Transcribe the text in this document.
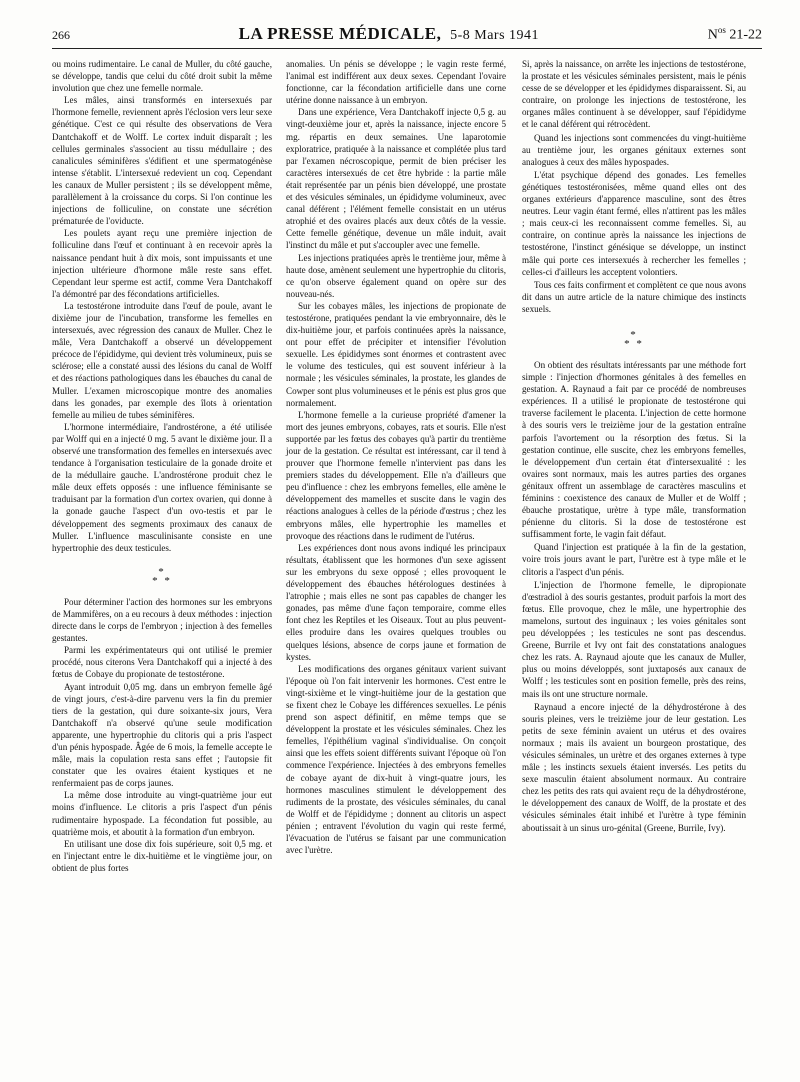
266	LA PRESSE MÉDICALE, 5-8 Mars 1941	$N^{os}$ 21-22

ou moins rudimentaire. Le canal de Muller, du côté gauche, se développe, tandis que celui du côté droit subit la même involution que chez une femelle normale.

Les mâles, ainsi transformés en intersexués par l'hormone femelle, reviennent après l'éclosion vers leur sexe génétique. C'est ce qui résulte des observations de Vera Dantchakoff et de Wolff. Le cortex induit disparaît ; les cellules germinales s'associent au tissu médullaire ; des canalicules séminifères s'édifient et une spermatogénèse intense s'établit. L'intersexué redevient un coq. Cependant les canaux de Muller persistent ; ils se développent même, parallèlement à la croissance du corps. Si l'on continue les injections de folliculine, on constate une sécrétion prématurée de l'oviducte.

Les poulets ayant reçu une première injection de folliculine dans l'œuf et continuant à en recevoir après la naissance pendant huit à dix mois, sont impuissants et une injection ultérieure d'hormone mâle reste sans effet. Cependant leur sperme est actif, comme Vera Dantchakoff l'a démontré par des fécondations artificielles.

La testostérone introduite dans l'œuf de poule, avant le dixième jour de l'incubation, transforme les femelles en intersexués, avec régression des canaux de Muller. Chez le mâle, Vera Dantchakoff a observé un développement précoce de l'épididyme, qui devient très volumineux, puis se sclérose; elle a constaté aussi des lésions du canal de Wolff et des réactions pathologiques dans les ébauches du canal de Muller. L'examen microscopique montre des anomalies dans les gonades, par exemple des îlots à orientation femelle au milieu de tubes séminifères.

L'hormone intermédiaire, l'androstérone, a été utilisée par Wolff qui en a injecté 0 mg. 5 avant le dixième jour. Il a observé une transformation des femelles en intersexués avec tendance à l'organisation testiculaire de la gonade droite et de la médullaire gauche. L'androstérone produit chez le mâle deux effets opposés : une influence féminisante se traduisant par la formation d'un cortex ovarien, qui donne à la gonade gauche l'aspect d'un ovo-testis et par le développement des segments proximaux des canaux de Muller. L'influence masculinisante consiste en une hypertrophie des deux testicules.

*
* *

Pour déterminer l'action des hormones sur les embryons de Mammifères, on a eu recours à deux méthodes : injection directe dans le corps de l'embryon ; injection à des femelles gestantes.

Parmi les expérimentateurs qui ont utilisé le premier procédé, nous citerons Vera Dantchakoff qui a injecté à des fœtus de Cobaye du propionate de testostérone.

Ayant introduit 0,05 mg. dans un embryon femelle âgé de vingt jours, c'est-à-dire parvenu vers la fin du premier tiers de la gestation, qui dure soixante-six jours, Vera Dantchakoff n'a observé qu'une seule modification apparente, une hypertrophie du clitoris qui a pris l'aspect d'un pénis hypospade. Âgée de 6 mois, la femelle accepte le mâle, mais la copulation resta sans effet ; l'autopsie fit constater que les ovaires étaient kystiques et ne renfermaient pas de corps jaunes.

La même dose introduite au vingt-quatrième jour eut moins d'influence. Le clitoris a pris l'aspect d'un pénis rudimentaire hypospade. La fécondation fut possible, au quatrième mois, et aboutit à la formation d'un embryon.

En utilisant une dose dix fois supérieure, soit 0,5 mg. et en l'injectant entre le dix-huitième et le vingtième jour, on obtient de plus fortes

anomalies. Un pénis se développe ; le vagin reste fermé, l'animal est indifférent aux deux sexes. Cependant l'ovaire fonctionne, car la fécondation artificielle dans une corne utérine donne naissance à un embryon.

Dans une expérience, Vera Dantchakoff injecte 0,5 g. au vingt-deuxième jour et, après la naissance, injecte encore 5 mg. répartis en deux semaines. Une laparotomie exploratrice, pratiquée à la naissance et complétée plus tard par l'examen nécroscopique, permit de bien préciser les caractères intersexués de cet être hybride : la partie mâle était représentée par un pénis bien développé, une prostate et des vésicules séminales, un épididyme volumineux, avec canal déférent ; l'élément femelle consistait en un utérus atrophié et des ovaires placés aux deux côtés de la vessie. Cette femelle génétique, devenue un mâle induit, avait l'instinct du mâle et put s'accoupler avec une femelle.

Les injections pratiquées après le trentième jour, même à haute dose, amènent seulement une hypertrophie du clitoris, ce qu'on observe également quand on opère sur des nouveau-nés.

Sur les cobayes mâles, les injections de propionate de testostérone, pratiquées pendant la vie embryonnaire, dès le dix-huitième jour, et parfois continuées après la naissance, ont pour effet de précipiter et intensifier l'évolution sexuelle. Les épididymes sont énormes et contrastent avec le volume des testicules, qui est souvent inférieur à la normale ; les vésicules séminales, la prostate, les glandes de Cowper sont plus volumineuses et le pénis est plus gros que normalement.

L'hormone femelle a la curieuse propriété d'amener la mort des jeunes embryons, cobayes, rats et souris. Elle n'est supportée par les fœtus des cobayes qu'à partir du trentième jour de la gestation. Ce résultat est intéressant, car il tend à prouver que l'hormone femelle n'intervient pas dans les premiers stades du développement. Elle n'a d'ailleurs que peu d'influence : chez les embryons femelles, elle amène le développement des mamelles et suscite dans le vagin des réactions analogues à celles de la période d'œstrus ; chez les embryons mâles, elle hypertrophie les mamelles et provoque des réactions dans le rudiment de l'utérus.

Les expériences dont nous avons indiqué les principaux résultats, établissent que les hormones d'un sexe agissent sur les embryons du sexe opposé ; elles provoquent le développement des ébauches hétérologues destinées à l'atrophie ; mais elles ne sont pas capables de changer les gonades, pas même d'une façon temporaire, comme elles font chez les Reptiles et les Oiseaux. Tout au plus peuvent-elles produire dans les ovaires quelques troubles ou quelques lésions, absence de corps jaune et formation de kystes.

Les modifications des organes génitaux varient suivant l'époque où l'on fait intervenir les hormones. C'est entre le vingt-sixième et le vingt-huitième jour de la gestation que se fixent chez le Cobaye les différences sexuelles. Le pénis prend son aspect définitif, en même temps que se développent la prostate et les vésicules séminales. Chez les femelles, l'épithélium vaginal s'individualise. On conçoit ainsi que les effets soient différents suivant l'époque où l'on commence l'expérience. Injectées à des embryons femelles de cobaye ayant de dix-huit à vingt-quatre jours, les hormones masculines stimulent le développement des rudiments de la prostate, des vésicules séminales, du canal de Wolff et de l'épididyme ; donnent au clitoris un aspect pénien ; entravent l'évolution du vagin qui reste fermé, l'évacuation de l'utérus se faisant par une communication avec l'urètre.

Si, après la naissance, on arrête les injections de testostérone, la prostate et les vésicules séminales persistent, mais le pénis cesse de se développer et les épididymes disparaissent. Si, au contraire, on prolonge les injections de testostérone, les organes mâles continuent à se développer, sauf l'épididyme et le canal déférent qui rétrocèdent.

Quand les injections sont commencées du vingt-huitième au trentième jour, les organes génitaux externes sont analogues à ceux des mâles hypospades.

L'état psychique dépend des gonades. Les femelles génétiques testostéronisées, même quand elles ont des organes extérieurs d'apparence masculine, sont des êtres neutres. Leur vagin étant fermé, elles n'attirent pas les mâles ; mais ceux-ci les reconnaissent comme femelles. Si, au contraire, on continue après la naissance les injections de testostérone, l'instinct génésique se développe, un instinct mâle qui porte ces intersexués à rechercher les femelles ; celles-ci d'ailleurs les acceptent volontiers.

Tous ces faits confirment et complètent ce que nous avons dit dans un autre article de la nature chimique des instincts sexuels.

*
* *

On obtient des résultats intéressants par une méthode fort simple : l'injection d'hormones génitales à des femelles en gestation. A. Raynaud a fait par ce procédé de nombreuses expériences. Il a utilisé le propionate de testostérone qui traverse facilement le placenta. L'injection de cette hormone à des souris vers le treizième jour de la gestation entraîne parfois l'avortement ou la résorption des fœtus. Si la gestation continue, elle suscite, chez les embryons femelles, le développement d'un certain état d'intersexualité : les ovaires sont normaux, mais les autres parties des organes génitaux offrent un assemblage de caractères masculins et féminins : coexistence des canaux de Muller et de Wolff ; ébauche prostatique, urètre à type mâle, transformation pénienne du clitoris. Si la dose de testostérone est suffisamment forte, le vagin fait défaut.

Quand l'injection est pratiquée à la fin de la gestation, voire trois jours avant le part, l'urètre est à type mâle et le clitoris a l'aspect d'un pénis.

L'injection de l'hormone femelle, le dipropionate d'œstradiol à des souris gestantes, produit parfois la mort des fœtus. Elle provoque, chez le mâle, une hypertrophie des mamelons, surtout des inguinaux ; les voies génitales sont peu développées ; les testicules ne sont pas descendus. Greene, Burrile et Ivy ont fait des constatations analogues chez les rats. A. Raynaud ajoute que les canaux de Muller, plus ou moins développés, sont juxtaposés aux canaux de Wolff ; les testicules sont en position femelle, près des reins, mais ils ont une structure normale.

Raynaud a encore injecté de la déhydrostérone à des souris pleines, vers le treizième jour de leur gestation. Les petits de sexe féminin avaient un utérus et des ovaires normaux ; mais ils avaient un bourgeon prostatique, des vésicules séminales, un urètre et des organes externes à type mâle ; les instincts sexuels étaient inversés. Les petits du sexe masculin étaient absolument normaux. Au contraire chez les petits des rats qui avaient reçu de la déhydrostérone, le développement des canaux de Wolff, de la prostate et des vésicules séminales était inhibé et l'urètre à type féminin aboutissait à un sinus uro-génital (Greene, Burrile, Ivy).
